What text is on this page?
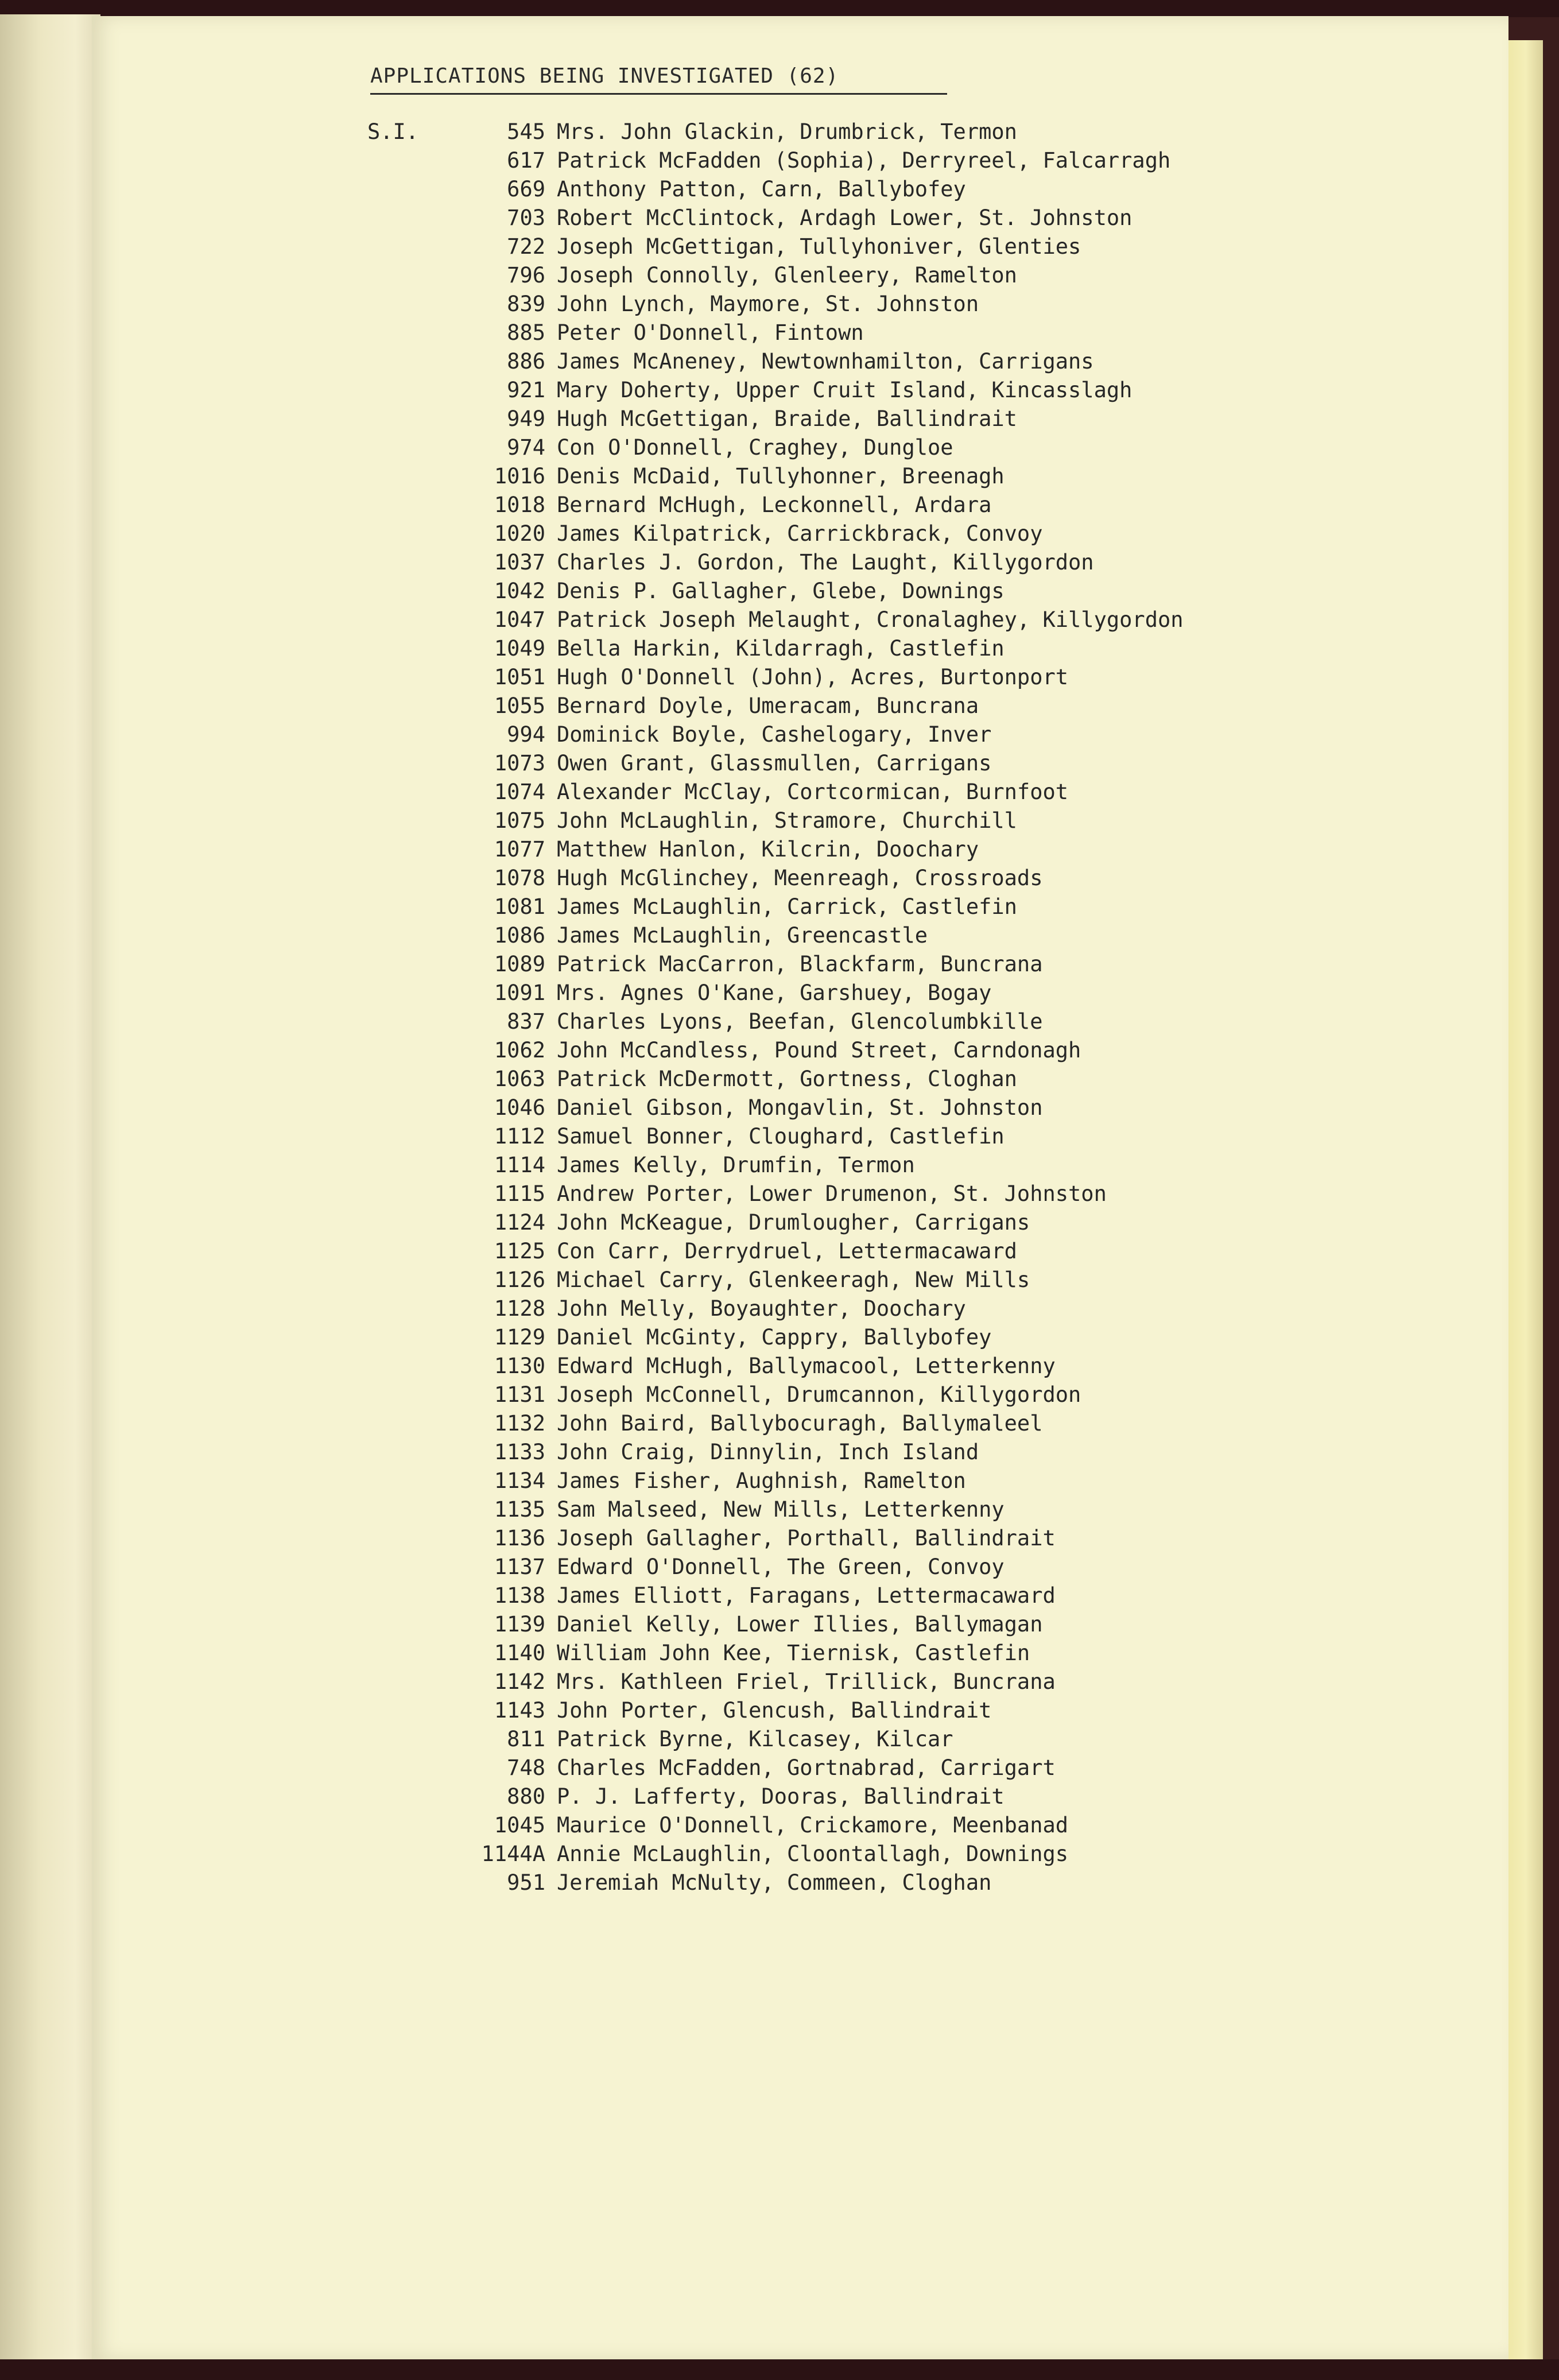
APPLICATIONS BEING INVESTIGATED (62)
S.I.	545 Mrs. John Glackin, Drumbrick, Termon
617 Patrick McFadden (Sophia), Derryreel, Falcarragh
669 Anthony Patton, Carn, Ballybofey
703 Robert McClintock, Ardagh Lower, St. Johnston
722 Joseph McGettigan, Tullyhoniver, Glenties
796 Joseph Connolly, Glenleery, Ramelton
839 John Lynch, Maymore, St. Johnston
885 Peter O'Donnell, Fintown
886 James McAneney, Newtownhamilton, Carrigans
921 Mary Doherty, Upper Cruit Island, Kincasslagh
949 Hugh McGettigan, Braide, Ballindrait
974 Con O'Donnell, Craghey, Dungloe
1016 Denis McDaid, Tullyhonner, Breenagh
1018 Bernard McHugh, Leckonnell, Ardara
1020 James Kilpatrick, Carrickbrack, Convoy
1037 Charles J. Gordon, The Laught, Killygordon
1042 Denis P. Gallagher, Glebe, Downings
1047 Patrick Joseph Melaught, Cronalaghey, Killygordon
1049 Bella Harkin, Kildarragh, Castlefin
1051 Hugh O'Donnell (John), Acres, Burtonport
1055 Bernard Doyle, Umeracam, Buncrana
994 Dominick Boyle, Cashelogary, Inver
1073 Owen Grant, Glassmullen, Carrigans
1074 Alexander McClay, Cortcormican, Burnfoot
1075 John McLaughlin, Stramore, Churchill
1077 Matthew Hanlon, Kilcrin, Doochary
1078 Hugh McGlinchey, Meenreagh, Crossroads
1081 James McLaughlin, Carrick, Castlefin
1086 James McLaughlin, Greencastle
1089 Patrick MacCarron, Blackfarm, Buncrana
1091 Mrs. Agnes O'Kane, Garshuey, Bogay
837 Charles Lyons, Beefan, Glencolumbkille
1062 John McCandless, Pound Street, Carndonagh
1063 Patrick McDermott, Gortness, Cloghan
1046 Daniel Gibson, Mongavlin, St. Johnston
1112 Samuel Bonner, Cloughard, Castlefin
1114 James Kelly, Drumfin, Termon
1115 Andrew Porter, Lower Drumenon, St. Johnston
1124 John McKeague, Drumlougher, Carrigans
1125 Con Carr, Derrydruel, Lettermacaward
1126 Michael Carry, Glenkeeragh, New Mills
1128 John Melly, Boyaughter, Doochary
1129 Daniel McGinty, Cappry, Ballybofey
1130 Edward McHugh, Ballymacool, Letterkenny
1131 Joseph McConnell, Drumcannon, Killygordon
1132 John Baird, Ballybocuragh, Ballymaleel
1133 John Craig, Dinnylin, Inch Island
1134 James Fisher, Aughnish, Ramelton
1135 Sam Malseed, New Mills, Letterkenny
1136 Joseph Gallagher, Porthall, Ballindrait
1137 Edward O'Donnell, The Green, Convoy
1138 James Elliott, Faragans, Lettermacaward
1139 Daniel Kelly, Lower Illies, Ballymagan
1140 William John Kee, Tiernisk, Castlefin
1142 Mrs. Kathleen Friel, Trillick, Buncrana
1143 John Porter, Glencush, Ballindrait
811 Patrick Byrne, Kilcasey, Kilcar
748 Charles McFadden, Gortnabrad, Carrigart
880 P. J. Lafferty, Dooras, Ballindrait
1045 Maurice O'Donnell, Crickamore, Meenbanad
1144A Annie McLaughlin, Cloontallagh, Downings
951 Jeremiah McNulty, Commeen, Cloghan
